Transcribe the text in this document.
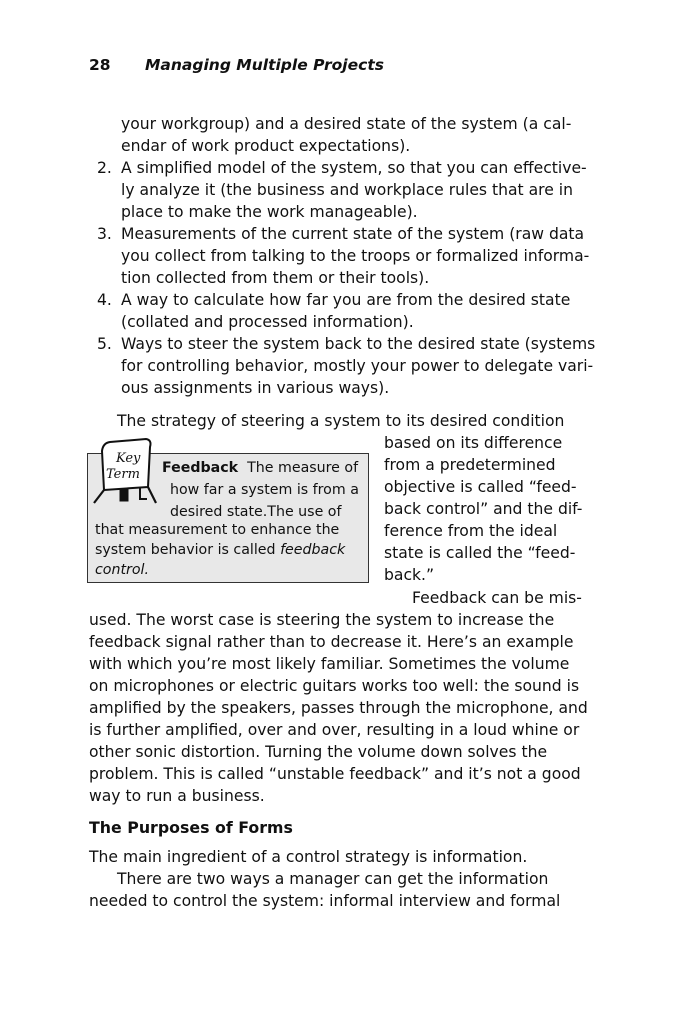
28 Managing Multiple Projects
your workgroup) and a desired state of the system (a cal-
endar of work product expectations).
2. A simplified model of the system, so that you can effective-
ly analyze it (the business and workplace rules that are in
place to make the work manageable).
3. Measurements of the current state of the system (raw data
you collect from talking to the troops or formalized informa-
tion collected from them or their tools).
4. A way to calculate how far you are from the desired state
(collated and processed information).
5. Ways to steer the system back to the desired state (systems
for controlling behavior, mostly your power to delegate vari-
ous assignments in various ways).
The strategy of steering a system to its desired condition
based on its difference
from a predetermined
objective is called “feed-
back control” and the dif-
ference from the ideal
state is called the “feed-
back.”
Key
Term Feedback The measure of
how far a system is from a
desired state.The use of
that measurement to enhance the
system behavior is called feedback
control.
Feedback can be mis-
used. The worst case is steering the system to increase the
feedback signal rather than to decrease it. Here’s an example
with which you’re most likely familiar. Sometimes the volume
on microphones or electric guitars works too well: the sound is
amplified by the speakers, passes through the microphone, and
is further amplified, over and over, resulting in a loud whine or
other sonic distortion. Turning the volume down solves the
problem. This is called “unstable feedback” and it’s not a good
way to run a business.
The Purposes of Forms
The main ingredient of a control strategy is information.
There are two ways a manager can get the information
needed to control the system: informal interview and formal
